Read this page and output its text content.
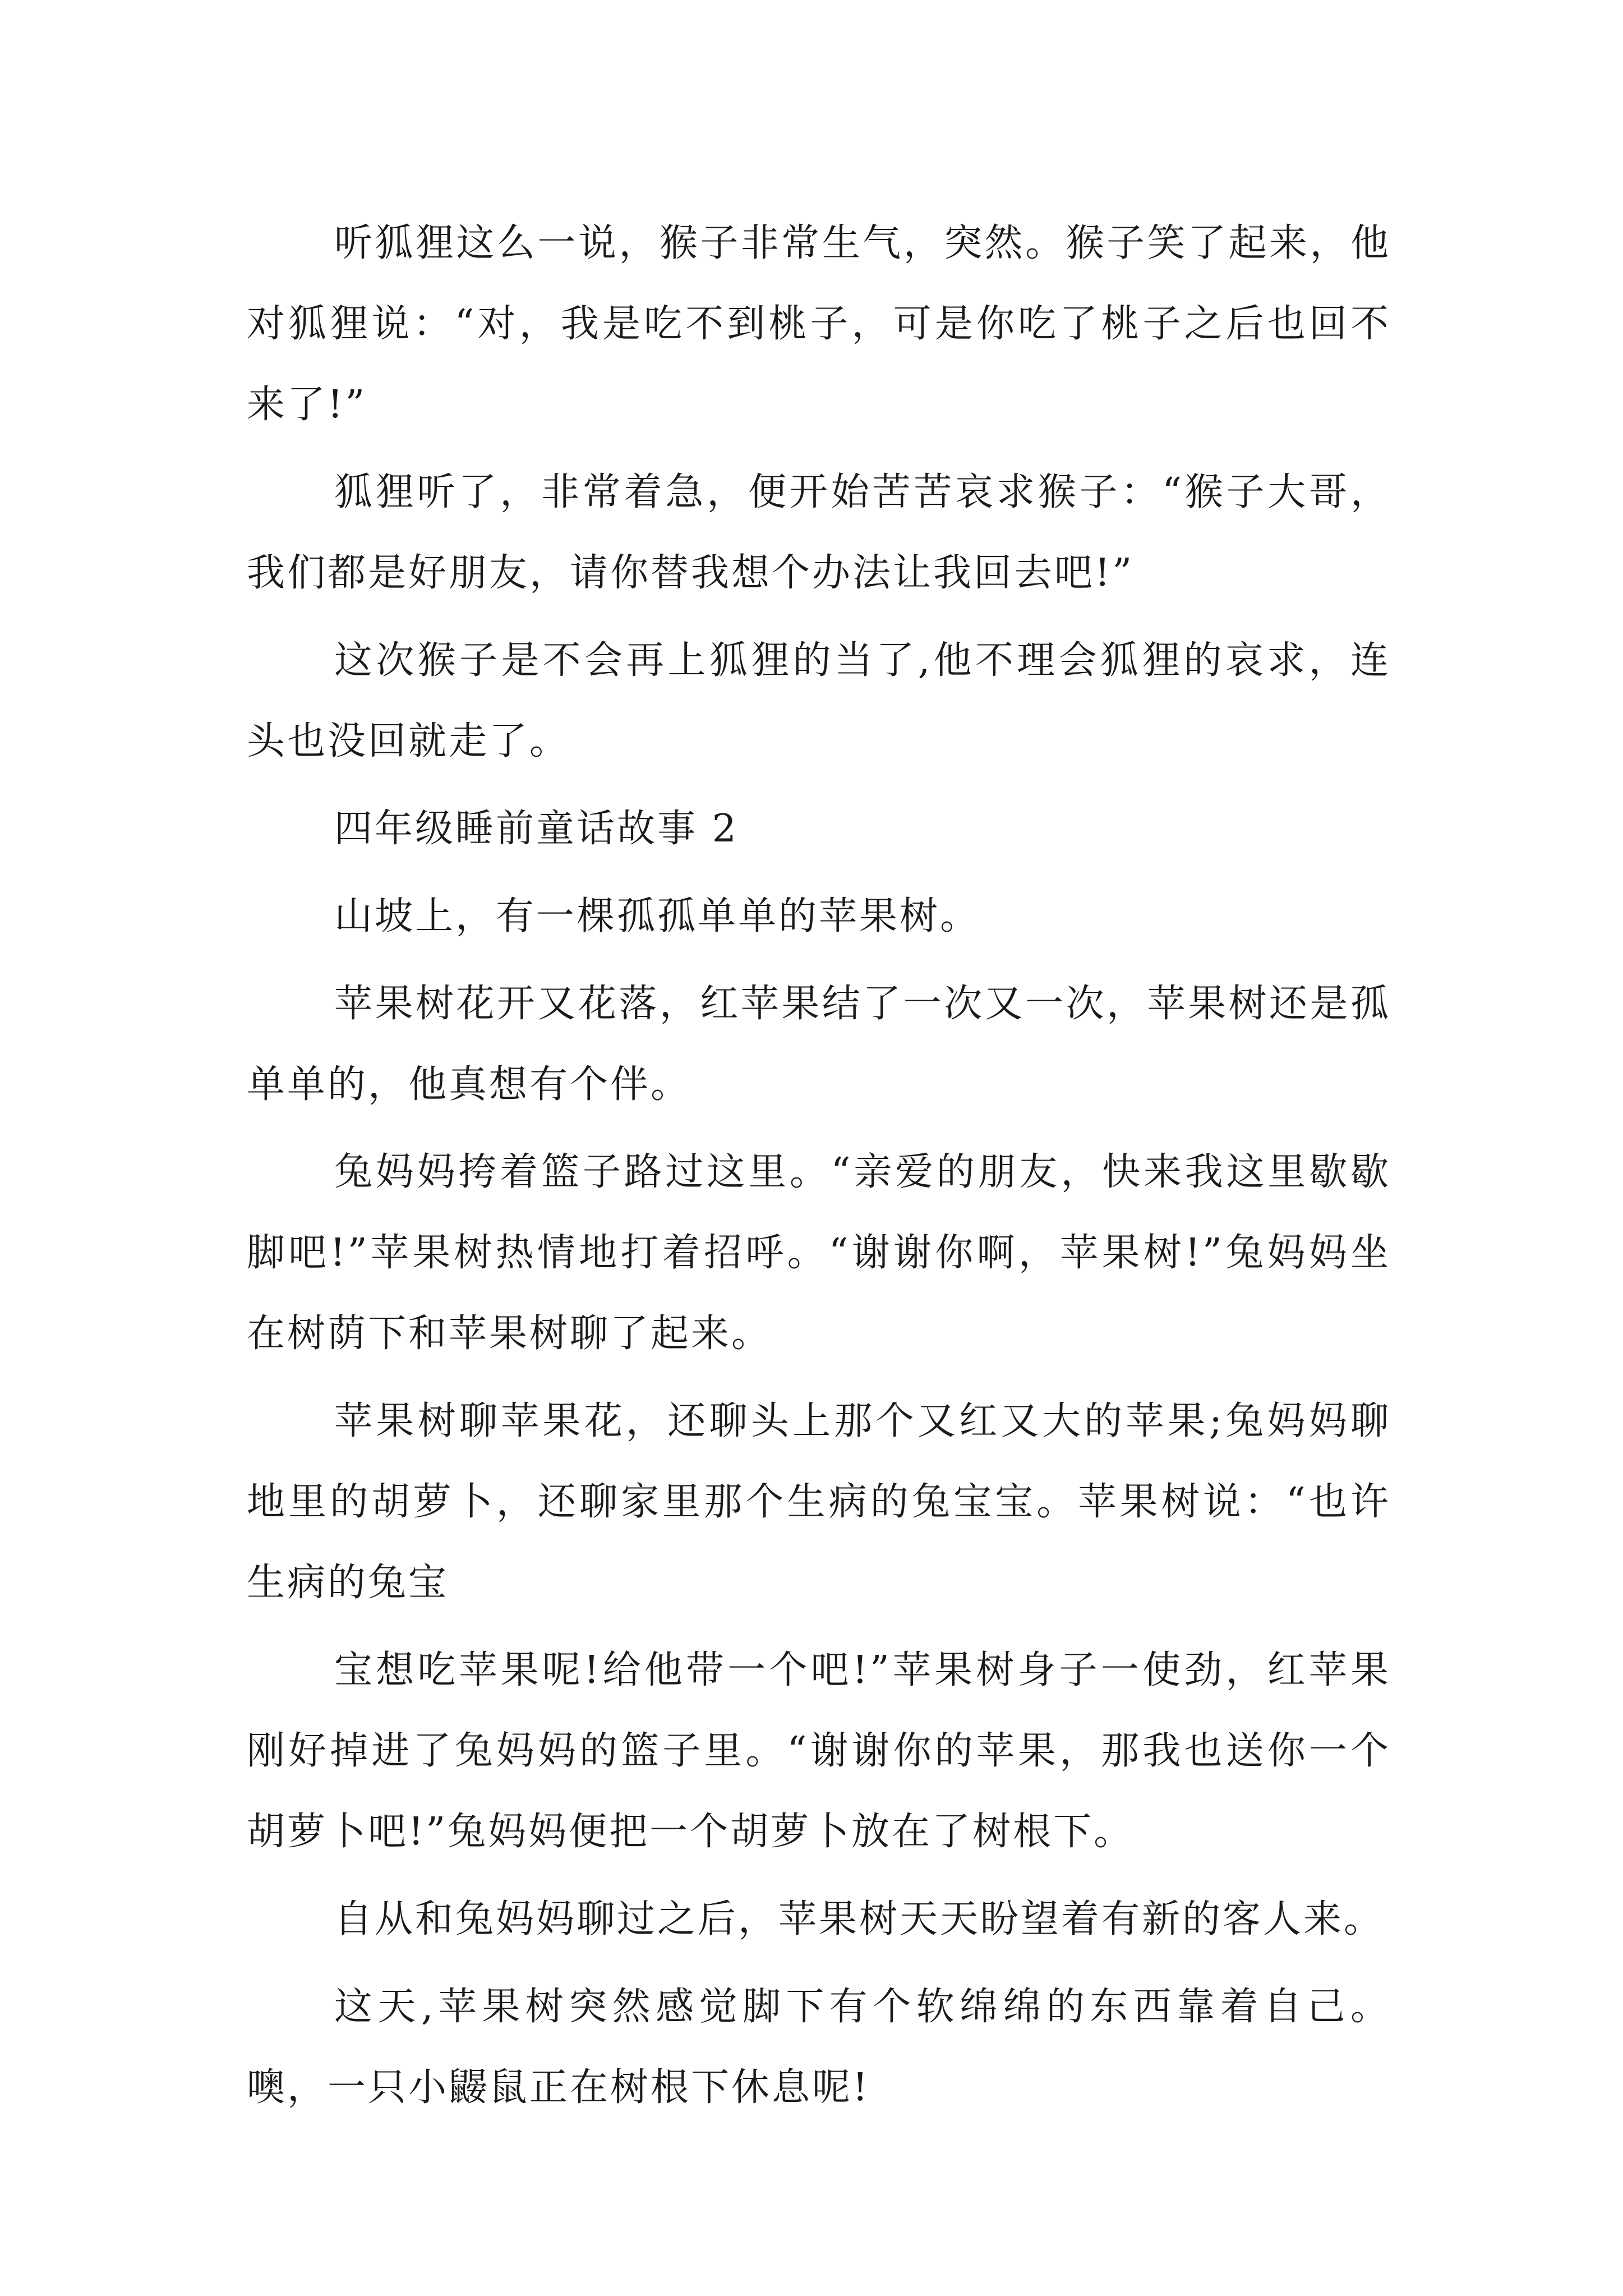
听狐狸这么一说，猴子非常生气，突然。猴子笑了起来，他对狐狸说：“对，我是吃不到桃子，可是你吃了桃子之后也回不来了!”

狐狸听了，非常着急，便开始苦苦哀求猴子：“猴子大哥，我们都是好朋友，请你替我想个办法让我回去吧!”

这次猴子是不会再上狐狸的当了,他不理会狐狸的哀求，连头也没回就走了。

四年级睡前童话故事 2

山坡上，有一棵孤孤单单的苹果树。

苹果树花开又花落，红苹果结了一次又一次，苹果树还是孤单单的，他真想有个伴。

兔妈妈挎着篮子路过这里。“亲爱的朋友，快来我这里歇歇脚吧!”苹果树热情地打着招呼。“谢谢你啊，苹果树!”兔妈妈坐在树荫下和苹果树聊了起来。

苹果树聊苹果花，还聊头上那个又红又大的苹果;兔妈妈聊地里的胡萝卜，还聊家里那个生病的兔宝宝。苹果树说：“也许生病的兔宝

宝想吃苹果呢!给他带一个吧!”苹果树身子一使劲，红苹果刚好掉进了兔妈妈的篮子里。“谢谢你的苹果，那我也送你一个胡萝卜吧!”兔妈妈便把一个胡萝卜放在了树根下。

自从和兔妈妈聊过之后，苹果树天天盼望着有新的客人来。

这天,苹果树突然感觉脚下有个软绵绵的东西靠着自己。噢，一只小鼹鼠正在树根下休息呢!
